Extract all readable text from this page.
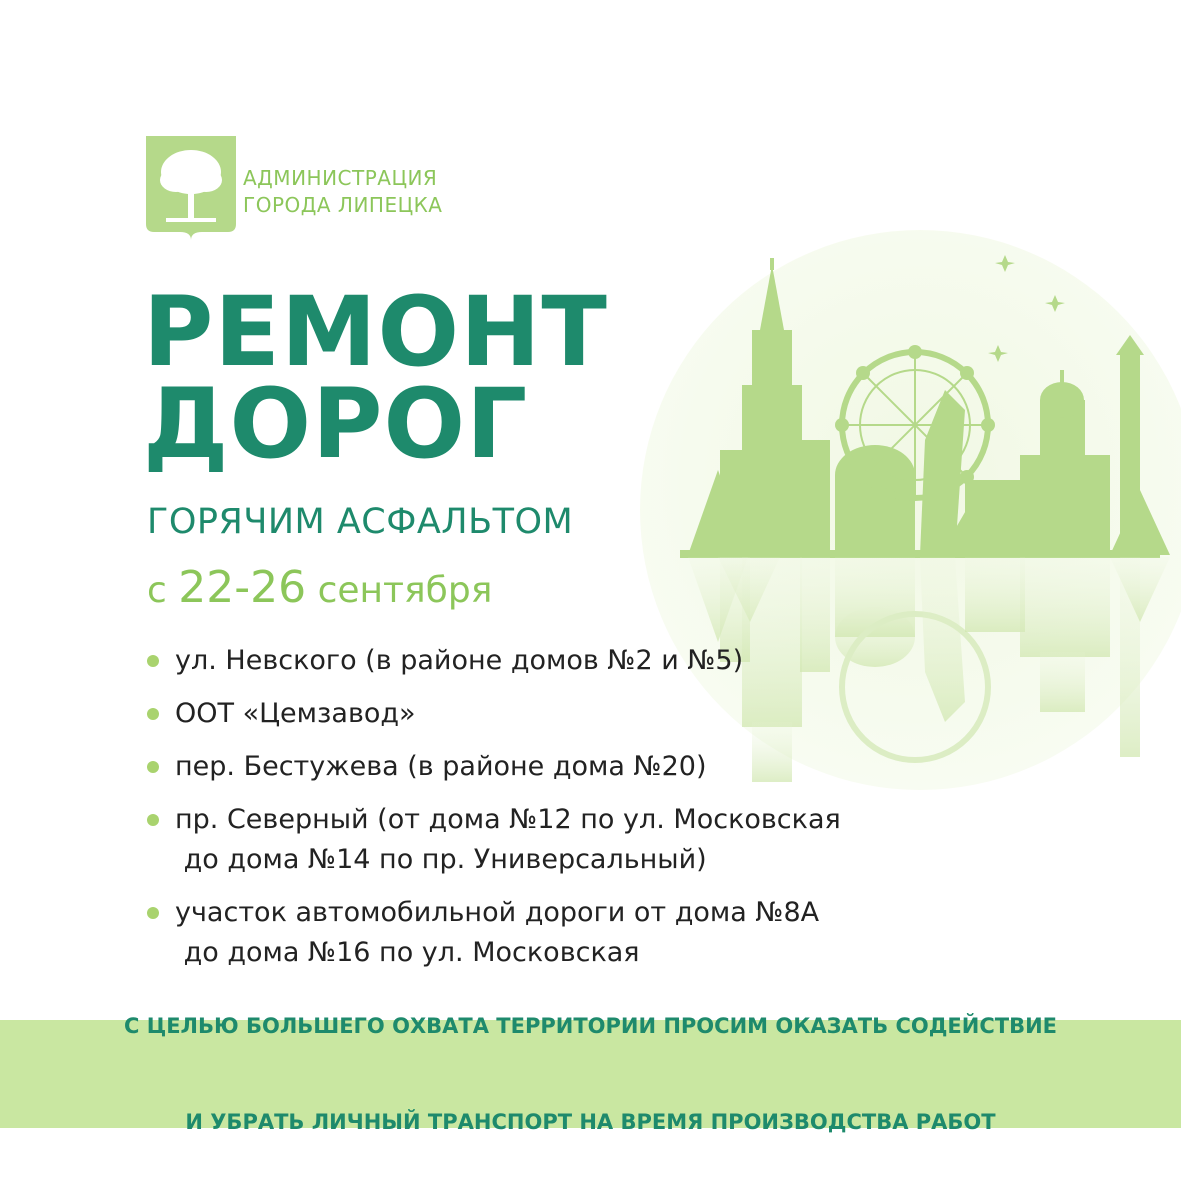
АДМИНИСТРАЦИЯ
ГОРОДА ЛИПЕЦКА
РЕМОНТ
ДОРОГ
ГОРЯЧИМ АСФАЛЬТОМ
с 22-26 сентября
ул. Невского (в районе домов №2 и №5)
ООТ «Цемзавод»
пер. Бестужева (в районе дома №20)
пр. Северный (от дома №12 по ул. Московская
до дома №14 по пр. Универсальный)
участок автомобильной дороги от дома №8А
до дома №16 по ул. Московская

С ЦЕЛЬЮ БОЛЬШЕГО ОХВАТА ТЕРРИТОРИИ ПРОСИМ ОКАЗАТЬ СОДЕЙСТВИЕ

И УБРАТЬ ЛИЧНЫЙ ТРАНСПОРТ НА ВРЕМЯ ПРОИЗВОДСТВА РАБОТ
